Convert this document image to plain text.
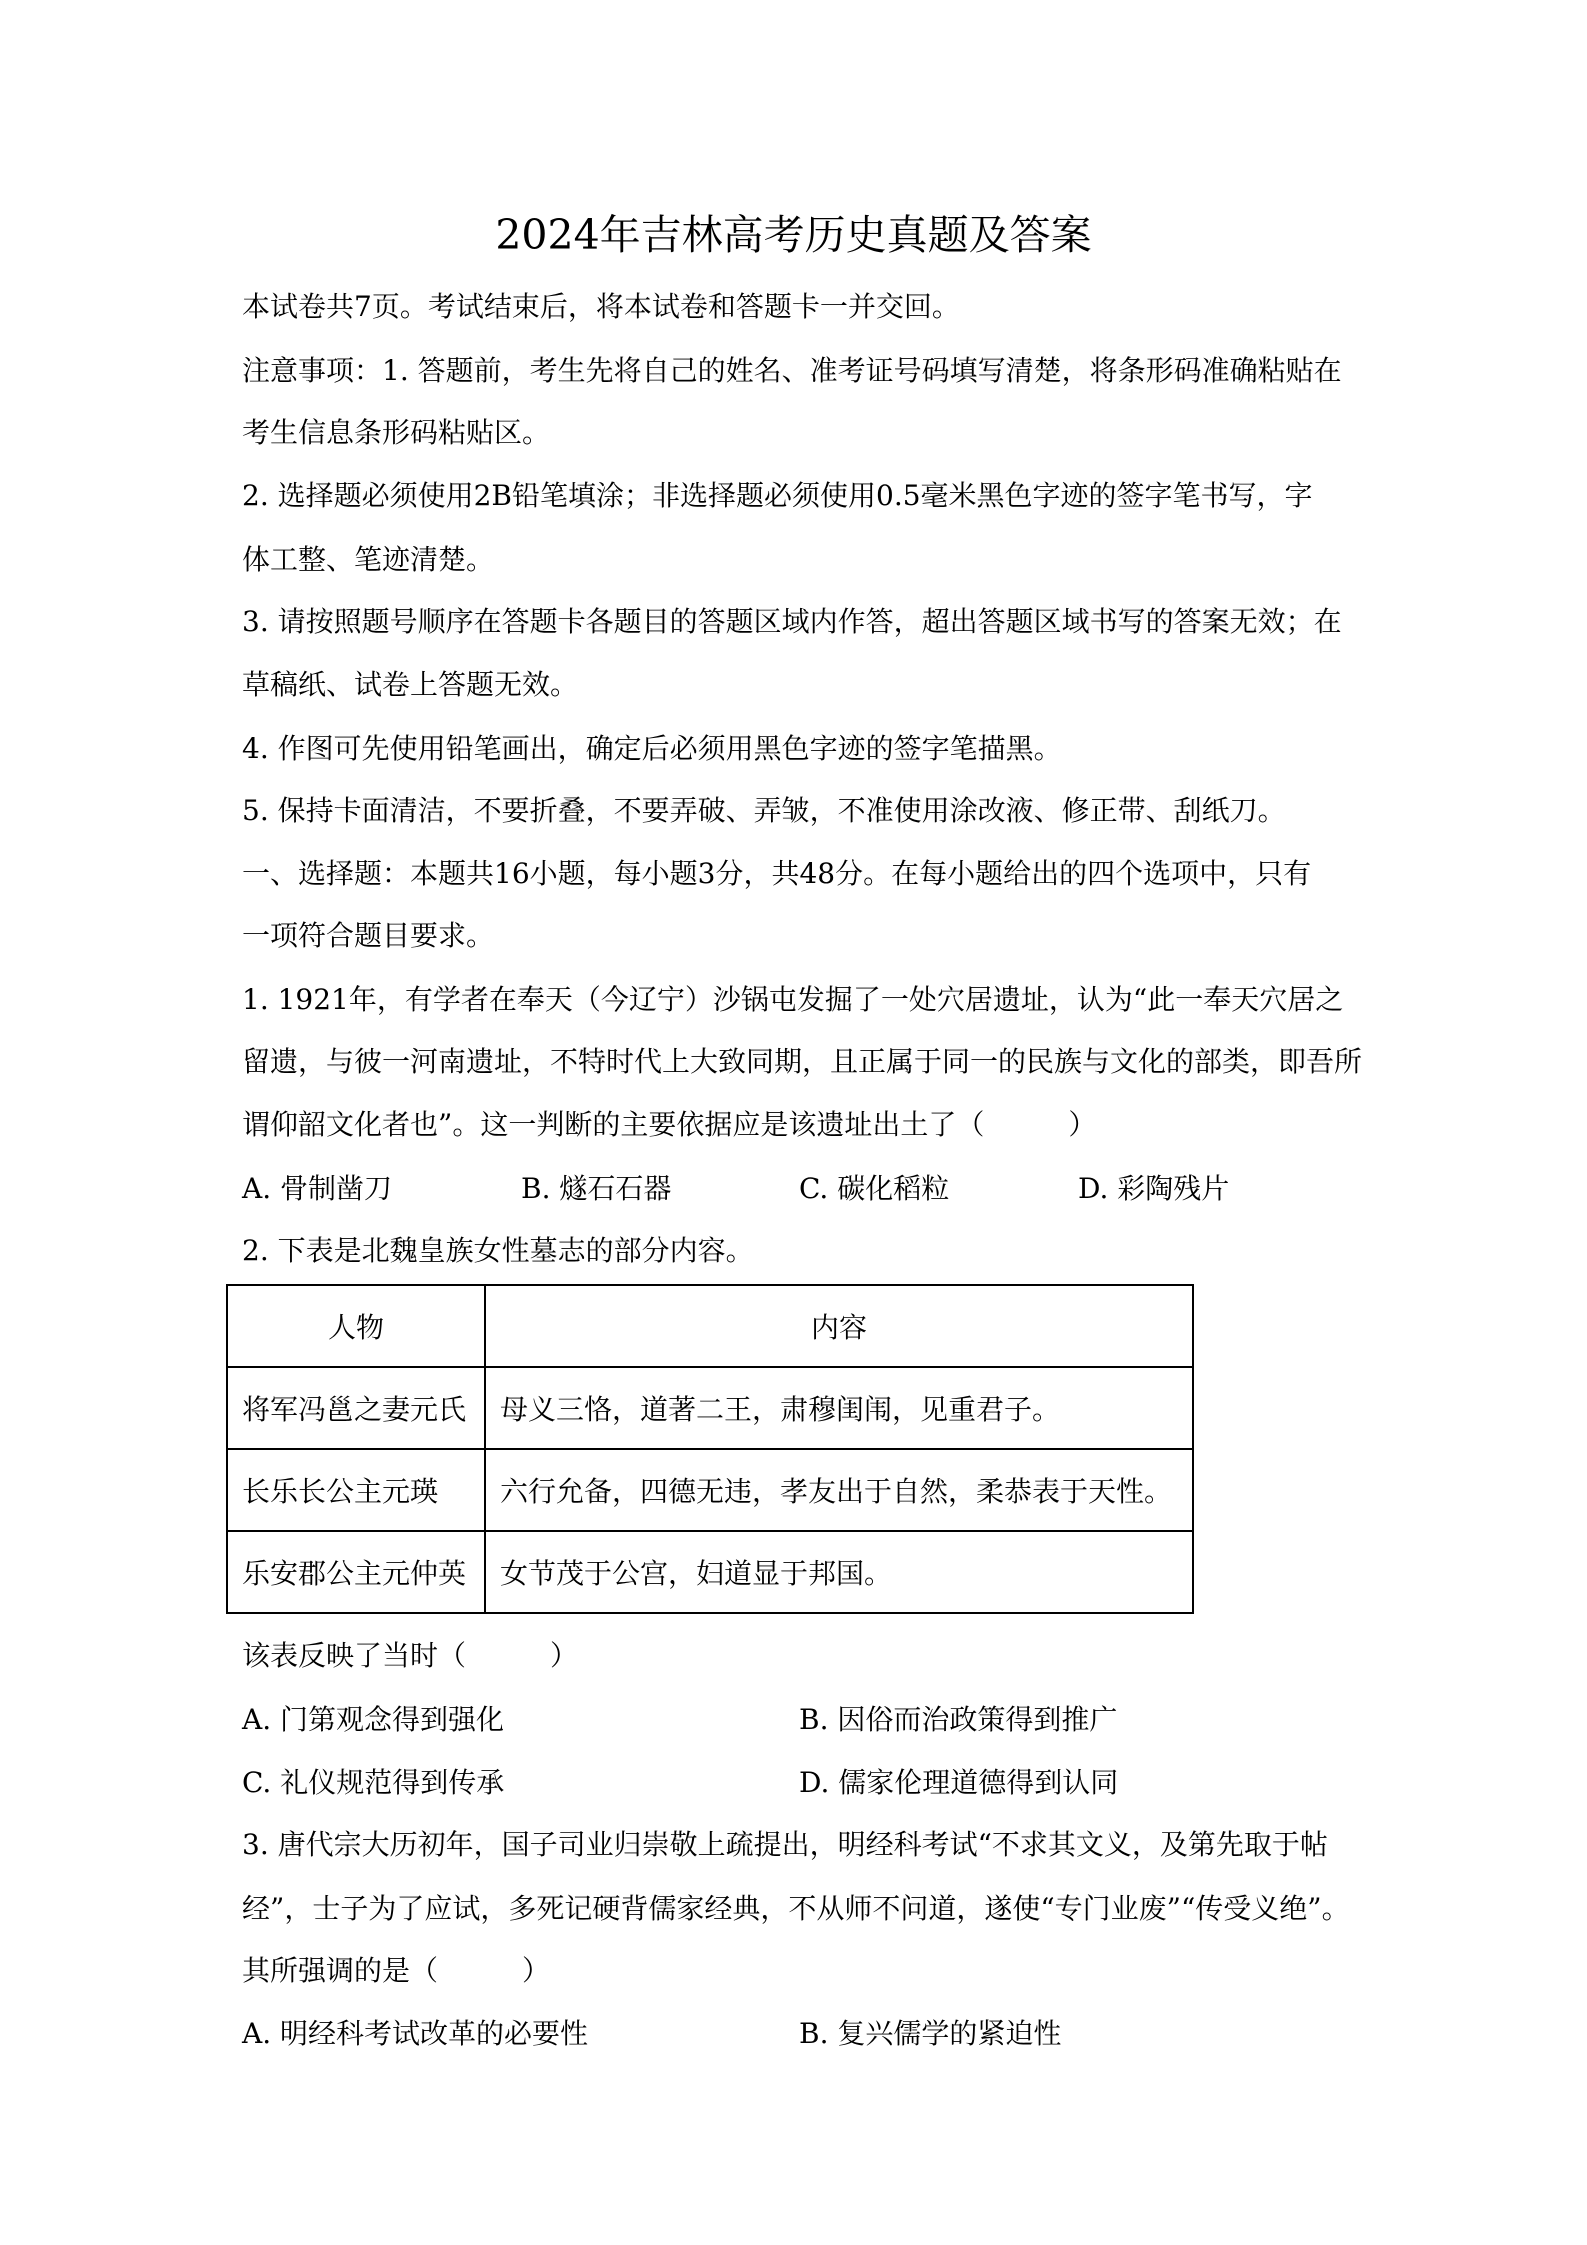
2024年吉林高考历史真题及答案
本试卷共7页。考试结束后，将本试卷和答题卡一并交回。
注意事项：1. 答题前，考生先将自己的姓名、准考证号码填写清楚，将条形码准确粘贴在
考生信息条形码粘贴区。
2. 选择题必须使用2B铅笔填涂；非选择题必须使用0.5毫米黑色字迹的签字笔书写，字
体工整、笔迹清楚。
3. 请按照题号顺序在答题卡各题目的答题区域内作答，超出答题区域书写的答案无效；在
草稿纸、试卷上答题无效。
4. 作图可先使用铅笔画出，确定后必须用黑色字迹的签字笔描黑。
5. 保持卡面清洁，不要折叠，不要弄破、弄皱，不准使用涂改液、修正带、刮纸刀。
一、选择题：本题共16小题，每小题3分，共48分。在每小题给出的四个选项中，只有
一项符合题目要求。
1. 1921年，有学者在奉天（今辽宁）沙锅屯发掘了一处穴居遗址，认为“此一奉天穴居之
留遗，与彼一河南遗址，不特时代上大致同期，且正属于同一的民族与文化的部类，即吾所
谓仰韶文化者也”。这一判断的主要依据应是该遗址出土了（　　　）
A. 骨制凿刀	B. 燧石石器	C. 碳化稻粒	D. 彩陶残片
2. 下表是北魏皇族女性墓志的部分内容。
人物	内容
将军冯邕之妻元氏	母义三恪，道著二王，肃穆闺闱，见重君子。
长乐长公主元瑛	六行允备，四德无违，孝友出于自然，柔恭表于天性。
乐安郡公主元仲英	女节茂于公宫，妇道显于邦国。
该表反映了当时（　　　）
A. 门第观念得到强化	B. 因俗而治政策得到推广
C. 礼仪规范得到传承	D. 儒家伦理道德得到认同
3. 唐代宗大历初年，国子司业归崇敬上疏提出，明经科考试“不求其文义，及第先取于帖
经”，士子为了应试，多死记硬背儒家经典，不从师不问道，遂使“专门业废”“传受义绝”。
其所强调的是（　　　）
A. 明经科考试改革的必要性	B. 复兴儒学的紧迫性
